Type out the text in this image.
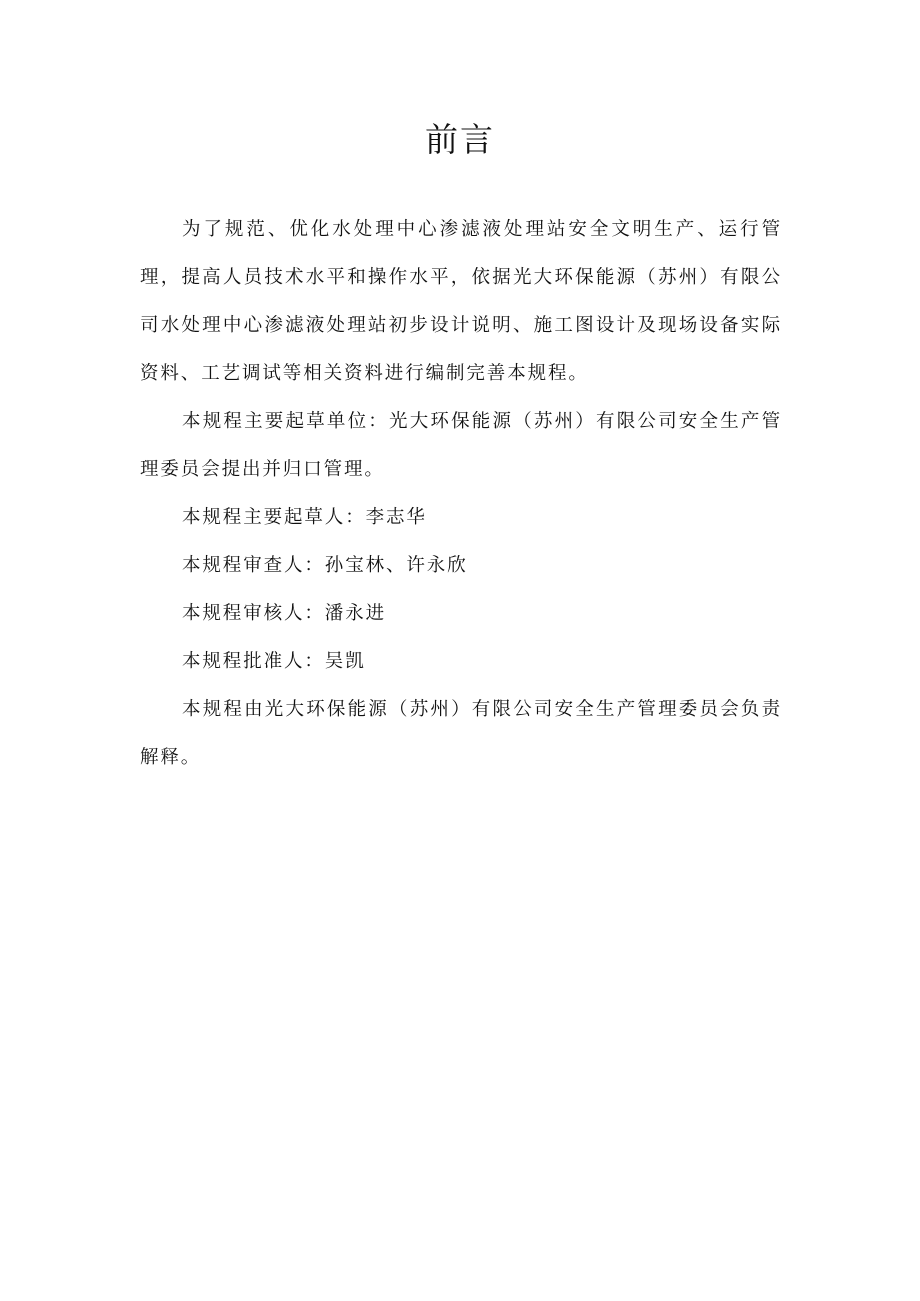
前言

为了规范、优化水处理中心渗滤液处理站安全文明生产、运行管理，提高人员技术水平和操作水平，依据光大环保能源（苏州）有限公司水处理中心渗滤液处理站初步设计说明、施工图设计及现场设备实际资料、工艺调试等相关资料进行编制完善本规程。

本规程主要起草单位：光大环保能源（苏州）有限公司安全生产管理委员会提出并归口管理。

本规程主要起草人：李志华

本规程审查人：孙宝林、许永欣

本规程审核人：潘永进

本规程批准人：吴凯

本规程由光大环保能源（苏州）有限公司安全生产管理委员会负责解释。
